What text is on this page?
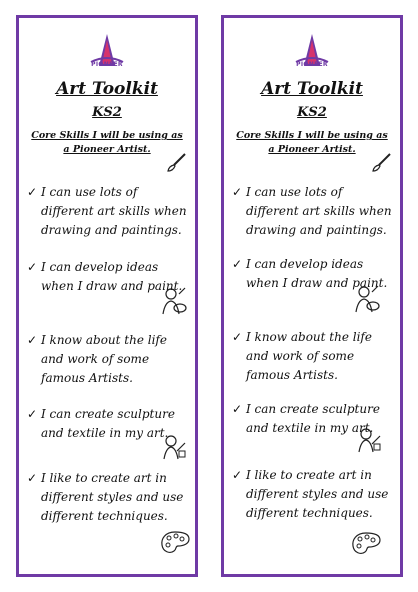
PIONEER
Art Toolkit
KS2
Core Skills I will be using as a Pioneer Artist.
✓ I can use lots of different art skills when drawing and paintings.
✓ I can develop ideas when I draw and paint.
✓ I know about the life and work of some famous Artists.
✓ I can create sculpture and textile in my art.
✓ I like to create art in different styles and use different techniques.
PIONEER
Art Toolkit
KS2
Core Skills I will be using as a Pioneer Artist.
✓ I can use lots of different art skills when drawing and paintings.
✓ I can develop ideas when I draw and paint.
✓ I know about the life and work of some famous Artists.
✓ I can create sculpture and textile in my art.
✓ I like to create art in different styles and use different techniques.
